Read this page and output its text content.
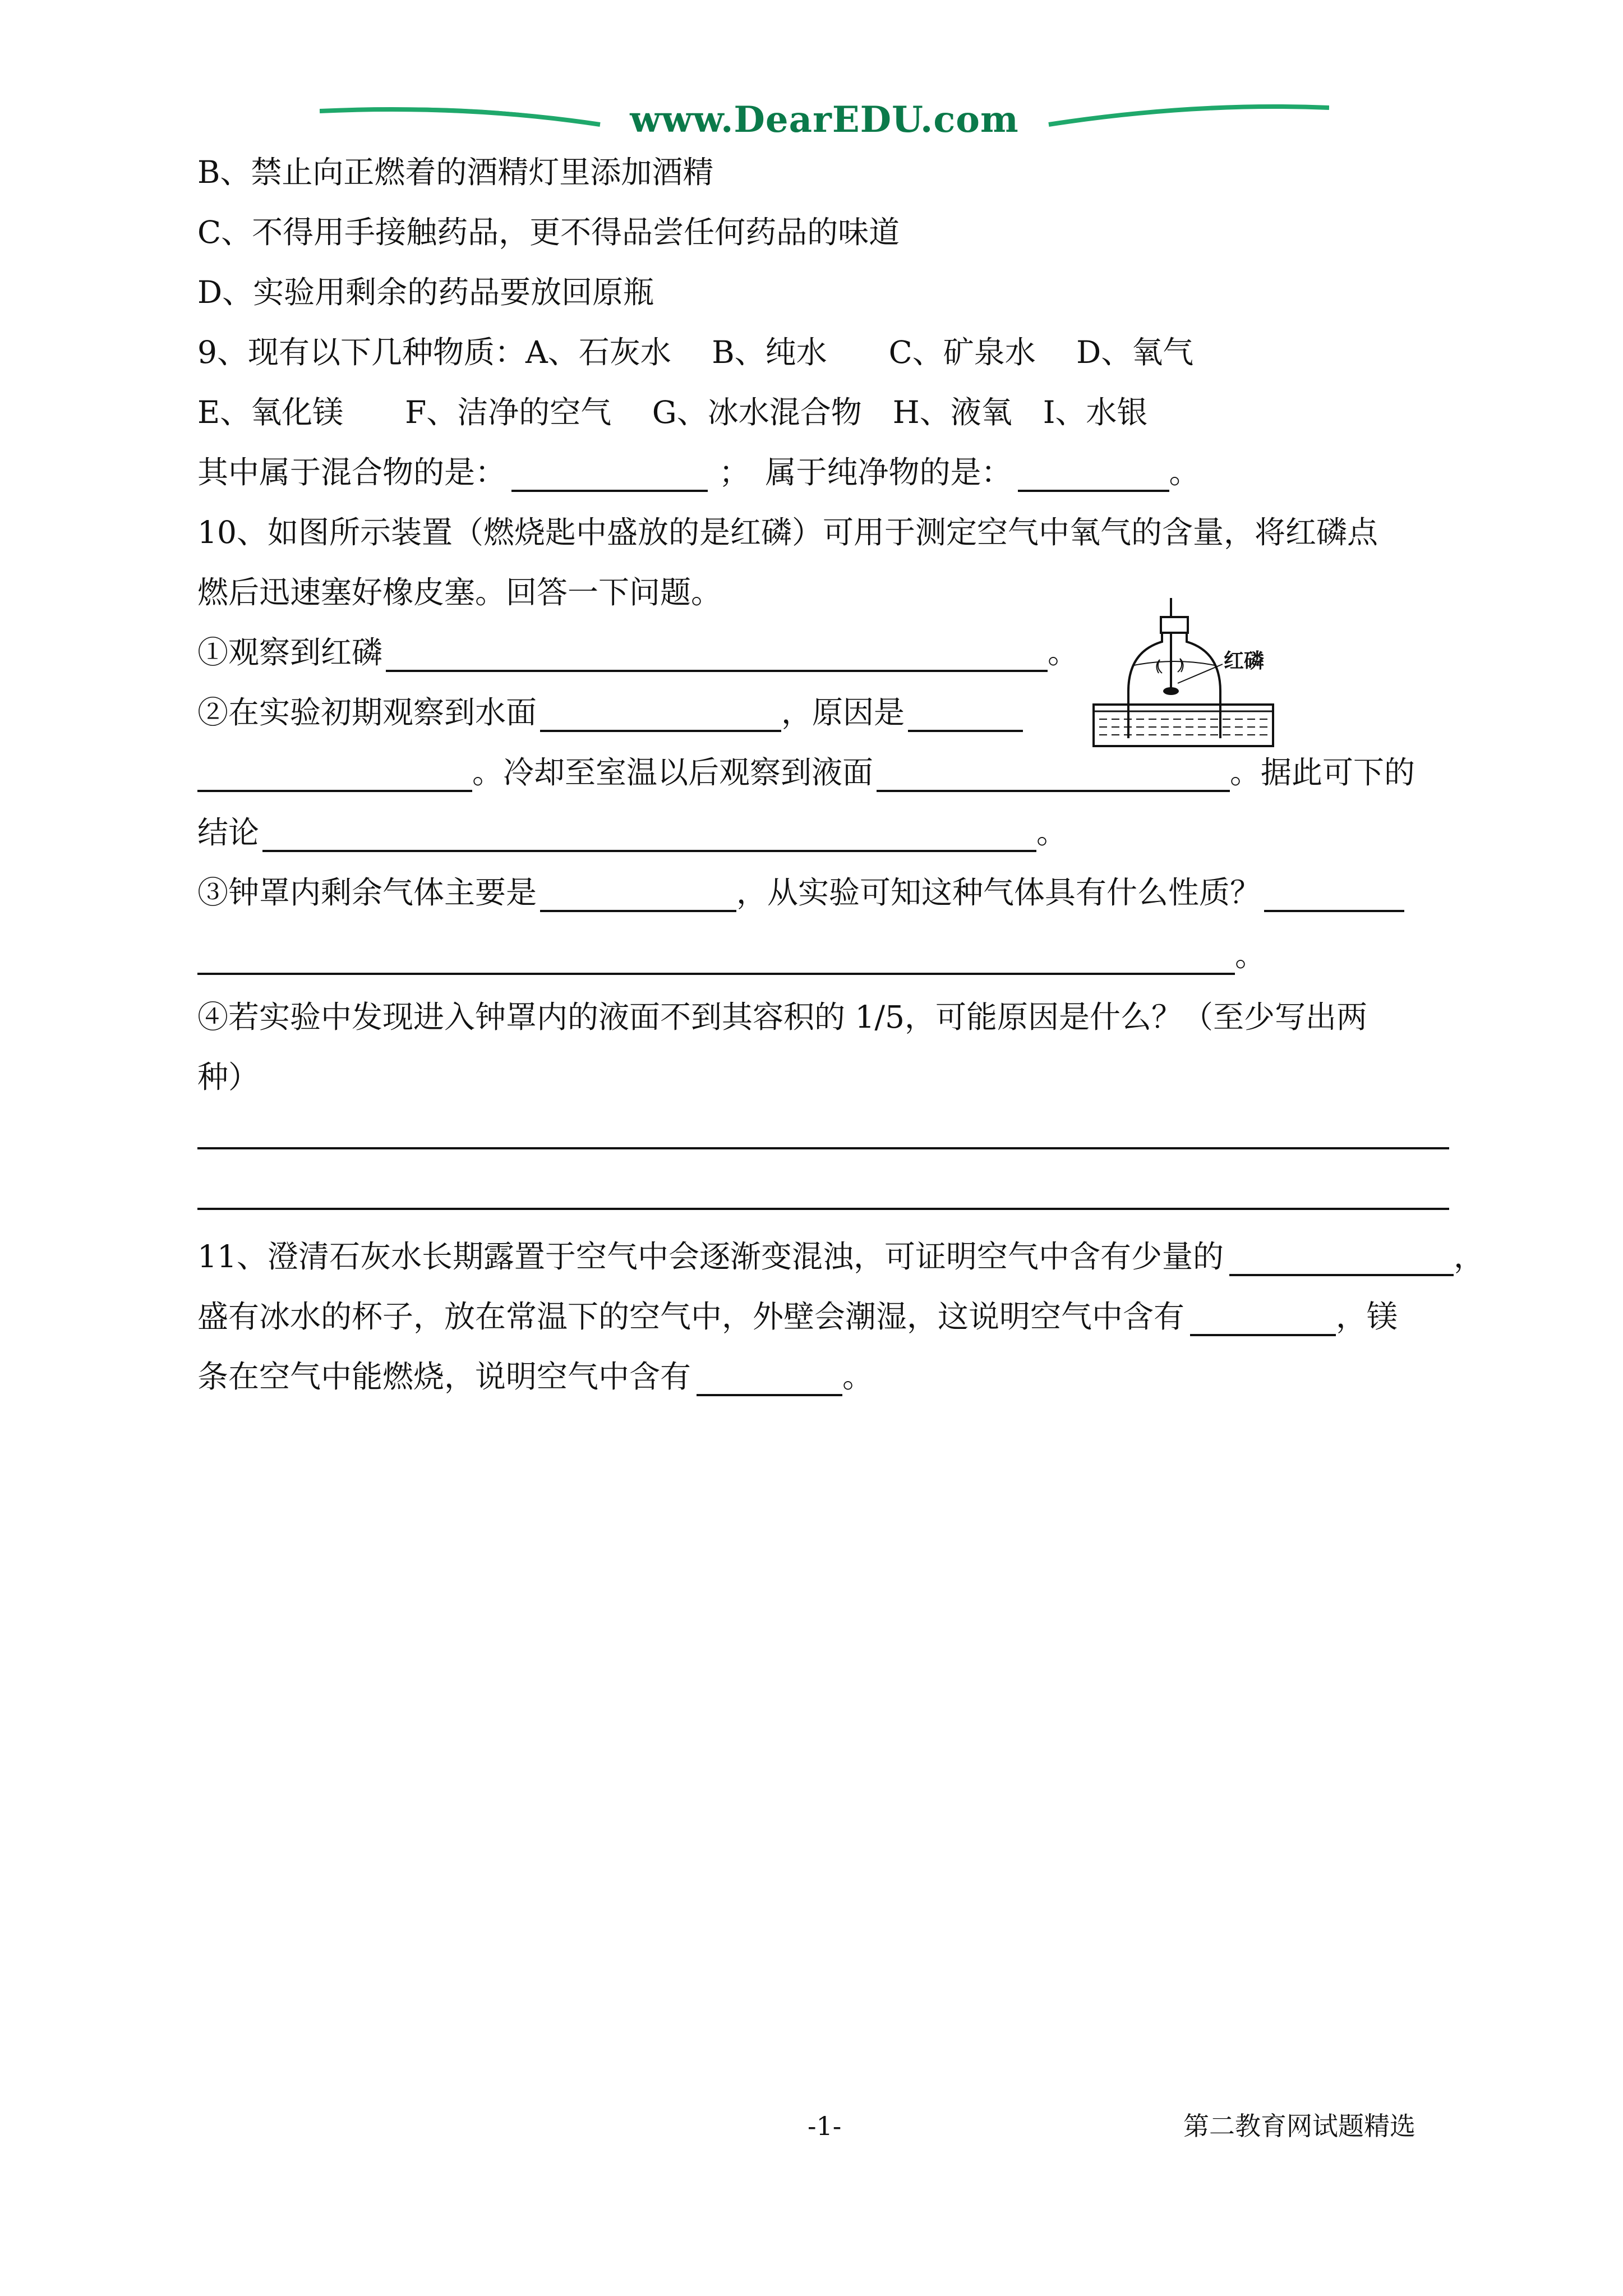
www.DearEDU.com
B、禁止向正燃着的酒精灯里添加酒精
C、不得用手接触药品，更不得品尝任何药品的味道
D、实验用剩余的药品要放回原瓶
9、现有以下几种物质：A、石灰水　 B、纯水　　C、矿泉水　 D、氧气
E、氧化镁　　F、洁净的空气　 G、冰水混合物　H、液氧　I、水银
其中属于混合物的是：	；　属于纯净物的是：	。
10、如图所示装置（燃烧匙中盛放的是红磷）可用于测定空气中氧气的含量，将红磷点
燃后迅速塞好橡皮塞。回答一下问题。
①观察到红磷	。
②在实验初期观察到水面	，原因是
。冷却至室温以后观察到液面	。据此可下的
结论	。
③钟罩内剩余气体主要是	，从实验可知这种气体具有什么性质？
。
④若实验中发现进入钟罩内的液面不到其容积的 1/5，可能原因是什么？（至少写出两
种）
11、澄清石灰水长期露置于空气中会逐渐变混浊，可证明空气中含有少量的	，
盛有冰水的杯子，放在常温下的空气中，外壁会潮湿，这说明空气中含有	，镁
条在空气中能燃烧，说明空气中含有	。
红磷
-1-	第二教育网试题精选
